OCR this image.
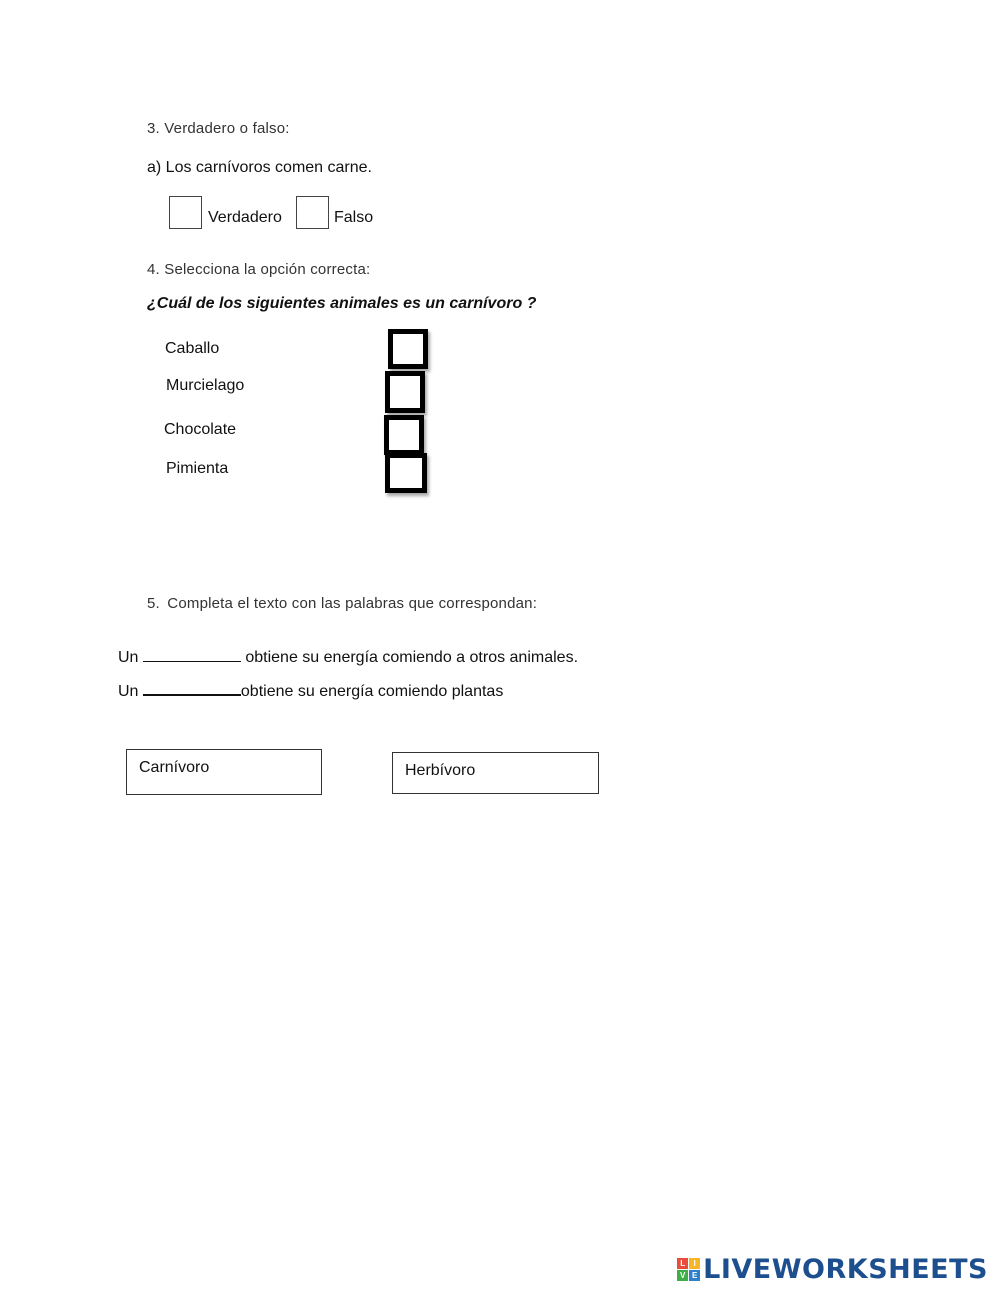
3. Verdadero o falso:
a) Los carnívoros comen carne.
Verdadero	Falso
4. Selecciona la opción correcta:
¿Cuál de los siguientes animales es un carnívoro ?
Caballo
Murcielago
Chocolate
Pimienta
5. Completa el texto con las palabras que correspondan:
Un	obtiene su energía comiendo a otros animales.
Un	obtiene su energía comiendo plantas
Carnívoro	Herbívoro
L	I
V E LIVEWORKSHEETS
